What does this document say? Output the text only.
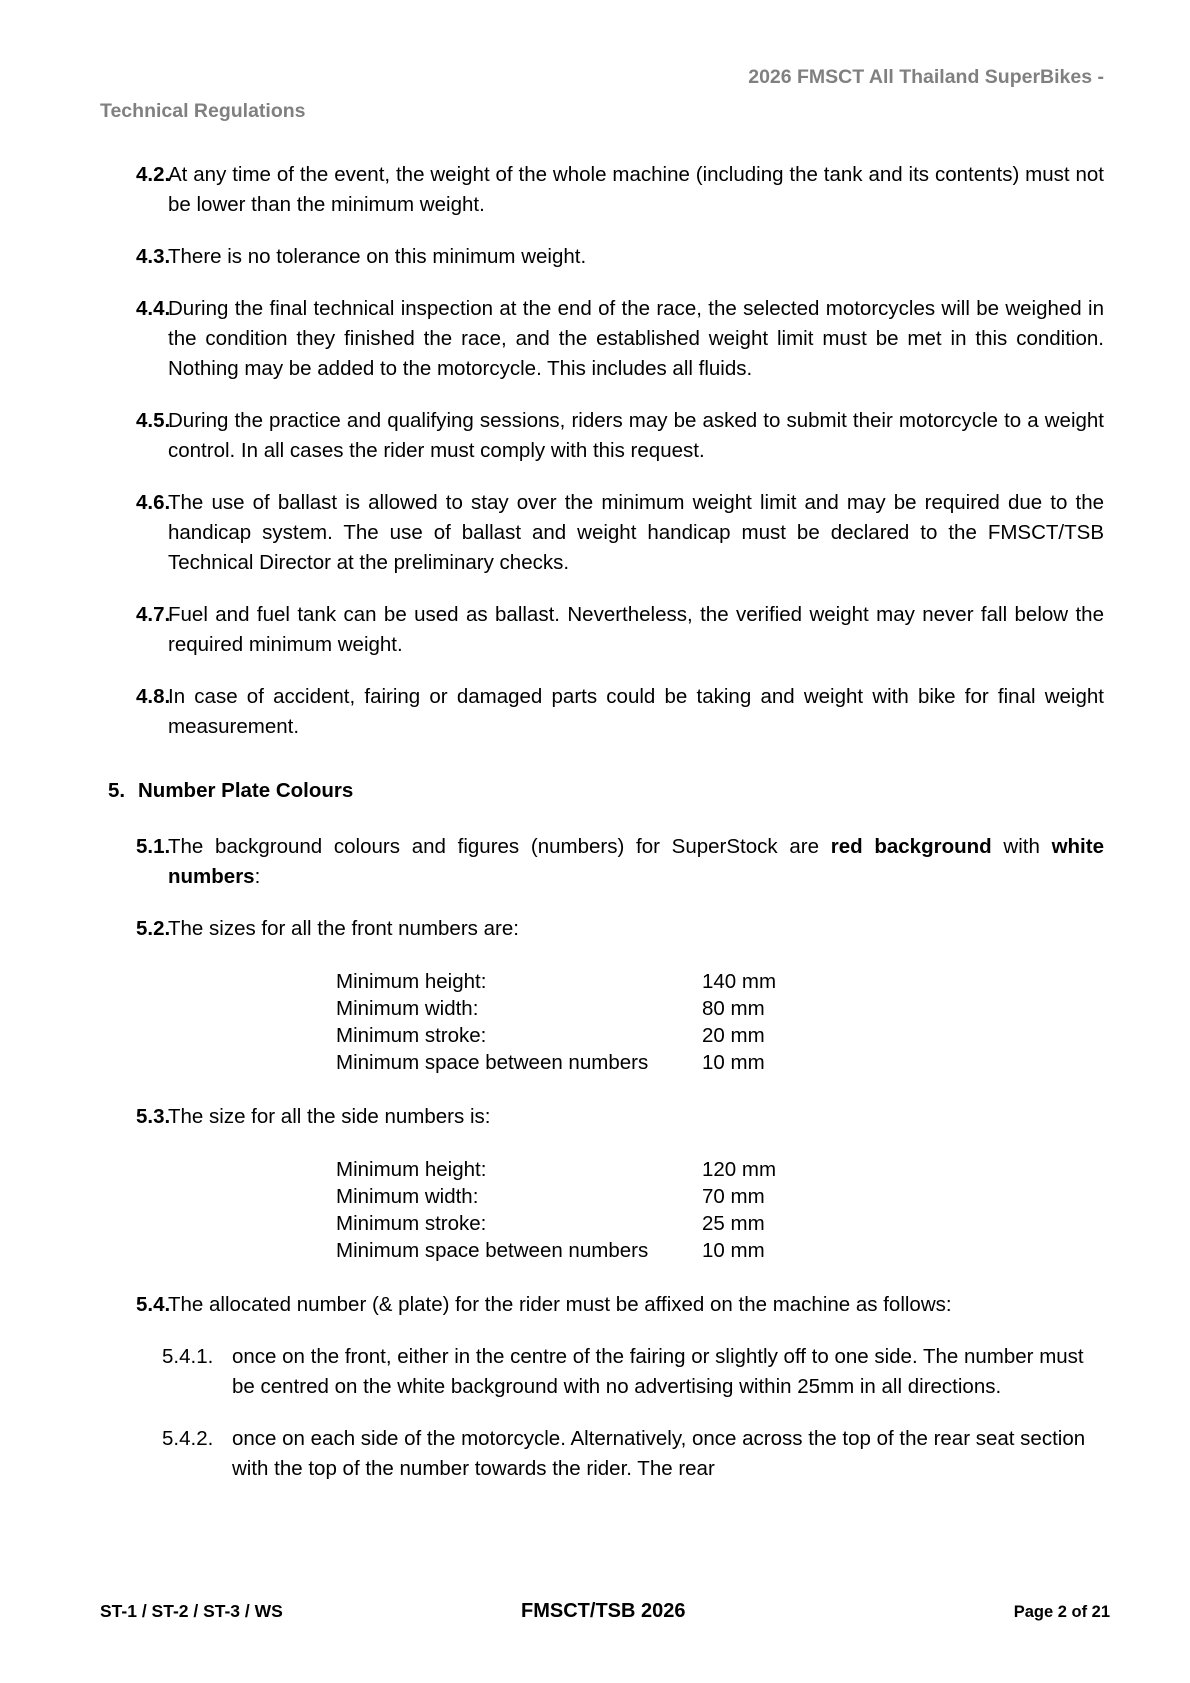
2026 FMSCT All Thailand SuperBikes -
Technical Regulations
4.2.
At any time of the event, the weight of the whole machine (including the tank and its contents) must not be lower than the minimum weight.
4.3.
There is no tolerance on this minimum weight.
4.4.
During the final technical inspection at the end of the race, the selected motorcycles will be weighed in the condition they finished the race, and the established weight limit must be met in this condition. Nothing may be added to the motorcycle. This includes all fluids.
4.5.
During the practice and qualifying sessions, riders may be asked to submit their motorcycle to a weight control. In all cases the rider must comply with this request.
4.6.
The use of ballast is allowed to stay over the minimum weight limit and may be required due to the handicap system. The use of ballast and weight handicap must be declared to the FMSCT/TSB Technical Director at the preliminary checks.
4.7.
Fuel and fuel tank can be used as ballast. Nevertheless, the verified weight may never fall below the required minimum weight.
4.8.
In case of accident, fairing or damaged parts could be taking and weight with bike for final weight measurement.
5. Number Plate Colours
5.1.
The background colours and figures (numbers) for SuperStock are red background with white numbers:
5.2.
The sizes for all the front numbers are:
Minimum height:	140 mm
Minimum width:	80 mm
Minimum stroke:	20 mm
Minimum space between numbers	10 mm
5.3.
The size for all the side numbers is:
Minimum height:	120 mm
Minimum width:	70 mm
Minimum stroke:	25 mm
Minimum space between numbers	10 mm
5.4.
The allocated number (& plate) for the rider must be affixed on the machine as follows:
5.4.1. once on the front, either in the centre of the fairing or slightly off to one side. The number must be centred on the white background with no advertising within 25mm in all directions.
5.4.2. once on each side of the motorcycle. Alternatively, once across the top of the rear seat section with the top of the number towards the rider. The rear
ST-1 / ST-2 / ST-3 / WS	FMSCT/TSB 2026	Page 2 of 21
